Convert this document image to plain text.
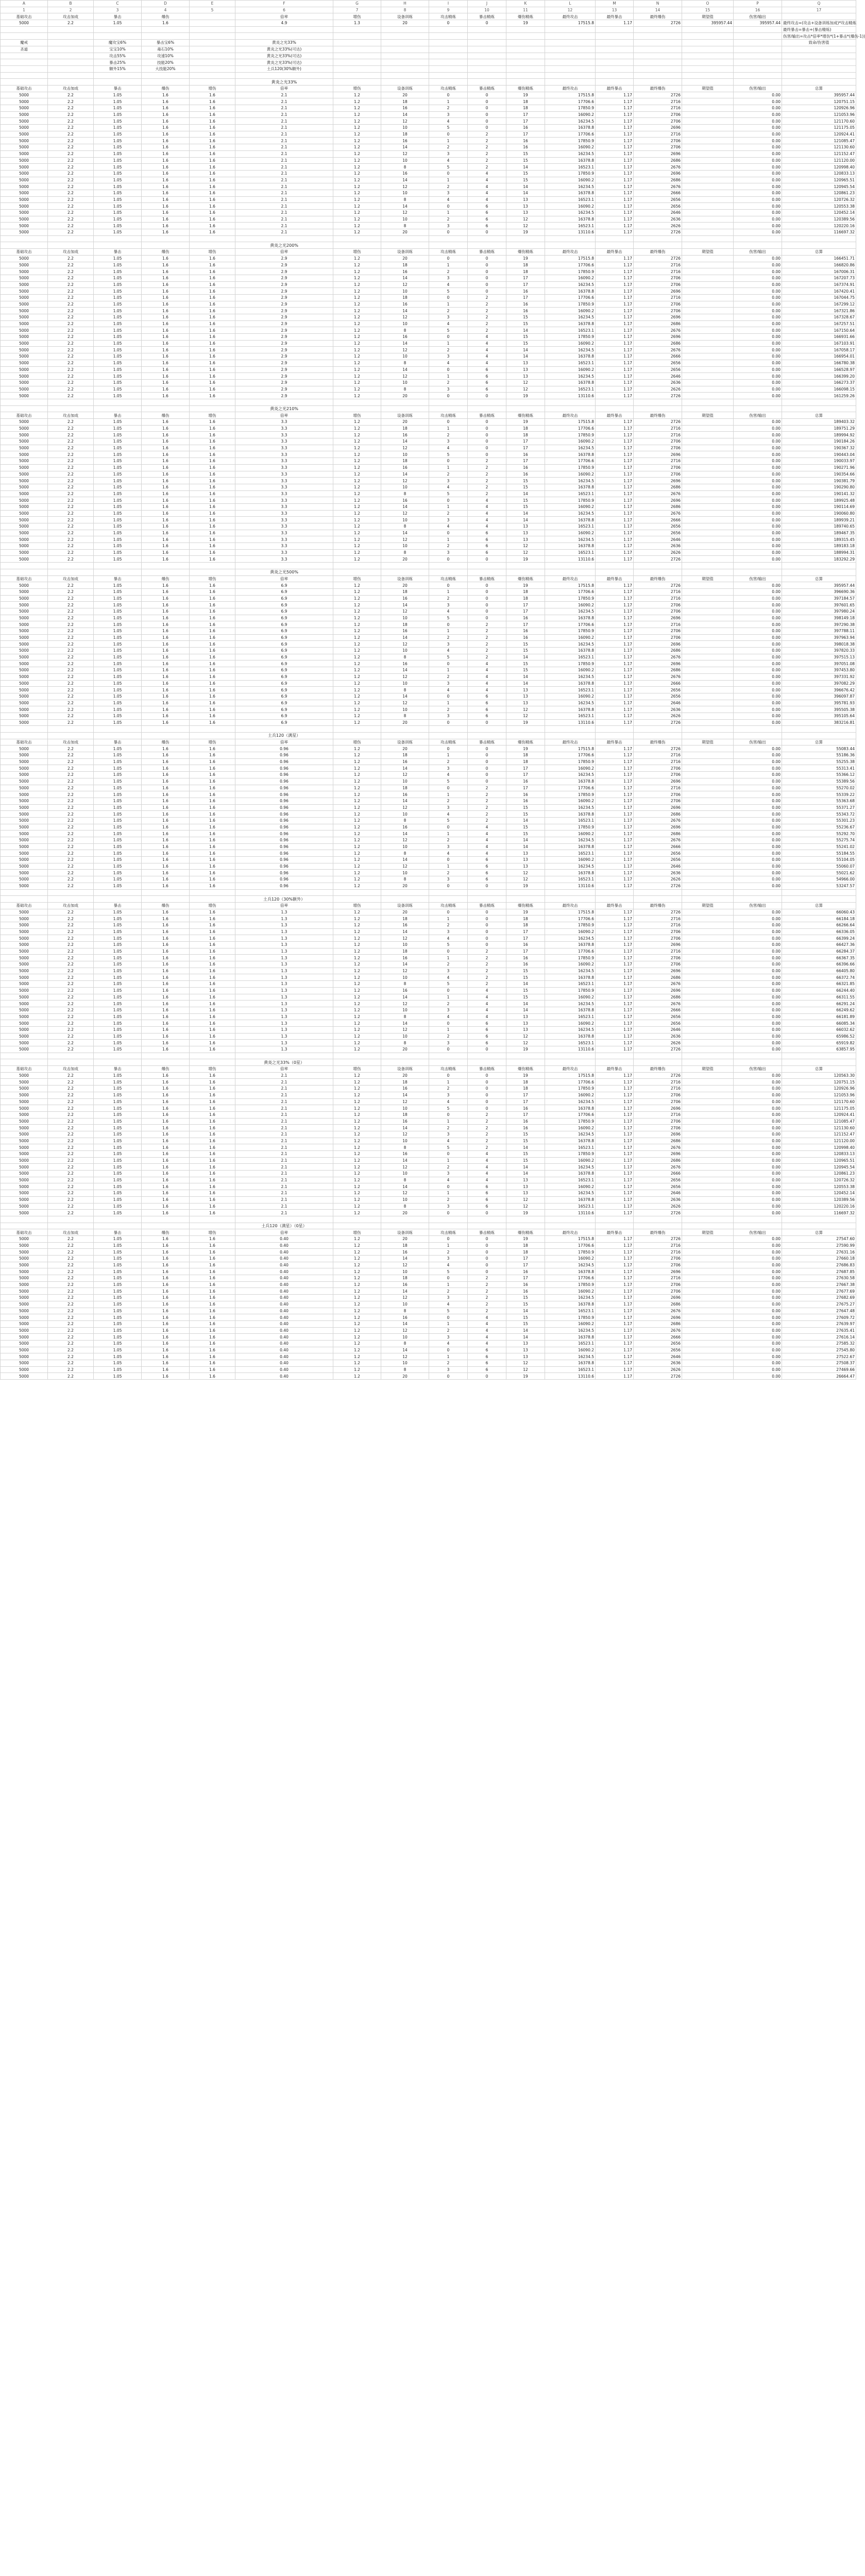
A	B	C	D	E	F	G	H	I	J	K	L	M	N	O	P	Q
1	2	3	4	5	6	7	8	9	10	11	12	13	14	15	16	17
基础攻击	攻击加成	暴击	爆伤		倍率	增伤	设备训练	攻击精炼	暴击精炼	爆伤精炼	最终攻击	最终暴击	最终爆伤	期望值	伤害/输出	
5000	2.2	1.05	1.6		4.9	1.3	20	0	0	19	17515.8	1.17	2726	395957.44	395957.44	最终攻击=(攻击+设备训练加成)*攻击精炼
																最终暴击=暴击+(暴击精炼)
																伤害/输出=攻击*倍率*增伤*(1+暴击*(爆伤-1))
魔戒		魔攻宝6%	暴击宝6%		黄炎之光33%											致命/伤害值
圣道		宝宝10%	毒石10%		黄炎之光33%(可达)											
		攻击55%	攻速10%		黄炎之光33%(可达)											
		暴击25%	技能20%		黄炎之光33%(可达)											
		额外15%	大技能20%		土兵120(30%额外)											

					黄炎之光33%											
基础攻击	攻击加成	暴击	爆伤	增伤	倍率	增伤	设备训练	攻击精炼	暴击精炼	爆伤精炼	最终攻击	最终暴击	最终爆伤	期望值	伤害/输出	总算
5000	2.2	1.05	1.6	1.6	2.1	1.2	20	0	0	19	17515.8	1.17	2726		0.00	395957.44
5000	2.2	1.05	1.6	1.6	2.1	1.2	18	1	0	18	17706.6	1.17	2716		0.00	120751.15
5000	2.2	1.05	1.6	1.6	2.1	1.2	16	2	0	18	17850.9	1.17	2716		0.00	120926.96
5000	2.2	1.05	1.6	1.6	2.1	1.2	14	3	0	17	16090.2	1.17	2706		0.00	121053.96
5000	2.2	1.05	1.6	1.6	2.1	1.2	12	4	0	17	16234.5	1.17	2706		0.00	121170.60
5000	2.2	1.05	1.6	1.6	2.1	1.2	10	5	0	16	16378.8	1.17	2696		0.00	121175.05
5000	2.2	1.05	1.6	1.6	2.1	1.2	18	0	2	17	17706.6	1.17	2716		0.00	120924.41
5000	2.2	1.05	1.6	1.6	2.1	1.2	16	1	2	16	17850.9	1.17	2706		0.00	121085.47
5000	2.2	1.05	1.6	1.6	2.1	1.2	14	2	2	16	16090.2	1.17	2706		0.00	121130.60
5000	2.2	1.05	1.6	1.6	2.1	1.2	12	3	2	15	16234.5	1.17	2696		0.00	121152.47
5000	2.2	1.05	1.6	1.6	2.1	1.2	10	4	2	15	16378.8	1.17	2686		0.00	121120.00
5000	2.2	1.05	1.6	1.6	2.1	1.2	8	5	2	14	16523.1	1.17	2676		0.00	120998.40
5000	2.2	1.05	1.6	1.6	2.1	1.2	16	0	4	15	17850.9	1.17	2696		0.00	120833.13
5000	2.2	1.05	1.6	1.6	2.1	1.2	14	1	4	15	16090.2	1.17	2686		0.00	120965.51
5000	2.2	1.05	1.6	1.6	2.1	1.2	12	2	4	14	16234.5	1.17	2676		0.00	120945.54
5000	2.2	1.05	1.6	1.6	2.1	1.2	10	3	4	14	16378.8	1.17	2666		0.00	120861.23
5000	2.2	1.05	1.6	1.6	2.1	1.2	8	4	4	13	16523.1	1.17	2656		0.00	120726.32
5000	2.2	1.05	1.6	1.6	2.1	1.2	14	0	6	13	16090.2	1.17	2656		0.00	120553.38
5000	2.2	1.05	1.6	1.6	2.1	1.2	12	1	6	13	16234.5	1.17	2646		0.00	120452.14
5000	2.2	1.05	1.6	1.6	2.1	1.2	10	2	6	12	16378.8	1.17	2636		0.00	120389.56
5000	2.2	1.05	1.6	1.6	2.1	1.2	8	3	6	12	16523.1	1.17	2626		0.00	120220.16
5000	2.2	1.05	1.6	1.6	2.1	1.2	20	0	0	19	13110.6	1.17	2726		0.00	116697.32

					黄炎之光200%											
基础攻击	攻击加成	暴击	爆伤	增伤	倍率	增伤	设备训练	攻击精炼	暴击精炼	爆伤精炼	最终攻击	最终暴击	最终爆伤	期望值	伤害/输出	总算
5000	2.2	1.05	1.6	1.6	2.9	1.2	20	0	0	19	17515.8	1.17	2726		0.00	166451.71
5000	2.2	1.05	1.6	1.6	2.9	1.2	18	1	0	18	17706.6	1.17	2716		0.00	166820.86
5000	2.2	1.05	1.6	1.6	2.9	1.2	16	2	0	18	17850.9	1.17	2716		0.00	167006.31
5000	2.2	1.05	1.6	1.6	2.9	1.2	14	3	0	17	16090.2	1.17	2706		0.00	167207.73
5000	2.2	1.05	1.6	1.6	2.9	1.2	12	4	0	17	16234.5	1.17	2706		0.00	167374.91
5000	2.2	1.05	1.6	1.6	2.9	1.2	10	5	0	16	16378.8	1.17	2696		0.00	167420.41
5000	2.2	1.05	1.6	1.6	2.9	1.2	18	0	2	17	17706.6	1.17	2716		0.00	167044.75
5000	2.2	1.05	1.6	1.6	2.9	1.2	16	1	2	16	17850.9	1.17	2706		0.00	167299.12
5000	2.2	1.05	1.6	1.6	2.9	1.2	14	2	2	16	16090.2	1.17	2706		0.00	167321.86
5000	2.2	1.05	1.6	1.6	2.9	1.2	12	3	2	15	16234.5	1.17	2696		0.00	167328.67
5000	2.2	1.05	1.6	1.6	2.9	1.2	10	4	2	15	16378.8	1.17	2686		0.00	167257.51
5000	2.2	1.05	1.6	1.6	2.9	1.2	8	5	2	14	16523.1	1.17	2676		0.00	167150.64
5000	2.2	1.05	1.6	1.6	2.9	1.2	16	0	4	15	17850.9	1.17	2696		0.00	166931.66
5000	2.2	1.05	1.6	1.6	2.9	1.2	14	1	4	15	16090.2	1.17	2686		0.00	167103.91
5000	2.2	1.05	1.6	1.6	2.9	1.2	12	2	4	14	16234.5	1.17	2676		0.00	167058.17
5000	2.2	1.05	1.6	1.6	2.9	1.2	10	3	4	14	16378.8	1.17	2666		0.00	166954.01
5000	2.2	1.05	1.6	1.6	2.9	1.2	8	4	4	13	16523.1	1.17	2656		0.00	166780.38
5000	2.2	1.05	1.6	1.6	2.9	1.2	14	0	6	13	16090.2	1.17	2656		0.00	166528.97
5000	2.2	1.05	1.6	1.6	2.9	1.2	12	1	6	13	16234.5	1.17	2646		0.00	166399.20
5000	2.2	1.05	1.6	1.6	2.9	1.2	10	2	6	12	16378.8	1.17	2636		0.00	166273.37
5000	2.2	1.05	1.6	1.6	2.9	1.2	8	3	6	12	16523.1	1.17	2626		0.00	166098.15
5000	2.2	1.05	1.6	1.6	2.9	1.2	20	0	0	19	13110.6	1.17	2726		0.00	161259.26

					黄炎之光210%											
基础攻击	攻击加成	暴击	爆伤	增伤	倍率	增伤	设备训练	攻击精炼	暴击精炼	爆伤精炼	最终攻击	最终暴击	最终爆伤	期望值	伤害/输出	总算
5000	2.2	1.05	1.6	1.6	3.3	1.2	20	0	0	19	17515.8	1.17	2726		0.00	189403.32
5000	2.2	1.05	1.6	1.6	3.3	1.2	18	1	0	18	17706.6	1.17	2716		0.00	189751.29
5000	2.2	1.05	1.6	1.6	3.3	1.2	16	2	0	18	17850.9	1.17	2716		0.00	189994.92
5000	2.2	1.05	1.6	1.6	3.3	1.2	14	3	0	17	16090.2	1.17	2706		0.00	190184.26
5000	2.2	1.05	1.6	1.6	3.3	1.2	12	4	0	17	16234.5	1.17	2706		0.00	190367.32
5000	2.2	1.05	1.6	1.6	3.3	1.2	10	5	0	16	16378.8	1.17	2696		0.00	190443.04
5000	2.2	1.05	1.6	1.6	3.3	1.2	18	0	2	17	17706.6	1.17	2716		0.00	190033.97
5000	2.2	1.05	1.6	1.6	3.3	1.2	16	1	2	16	17850.9	1.17	2706		0.00	190271.96
5000	2.2	1.05	1.6	1.6	3.3	1.2	14	2	2	16	16090.2	1.17	2706		0.00	190354.66
5000	2.2	1.05	1.6	1.6	3.3	1.2	12	3	2	15	16234.5	1.17	2696		0.00	190381.79
5000	2.2	1.05	1.6	1.6	3.3	1.2	10	4	2	15	16378.8	1.17	2686		0.00	190290.80
5000	2.2	1.05	1.6	1.6	3.3	1.2	8	5	2	14	16523.1	1.17	2676		0.00	190141.32
5000	2.2	1.05	1.6	1.6	3.3	1.2	16	0	4	15	17850.9	1.17	2696		0.00	189925.48
5000	2.2	1.05	1.6	1.6	3.3	1.2	14	1	4	15	16090.2	1.17	2686		0.00	190114.69
5000	2.2	1.05	1.6	1.6	3.3	1.2	12	2	4	14	16234.5	1.17	2676		0.00	190060.80
5000	2.2	1.05	1.6	1.6	3.3	1.2	10	3	4	14	16378.8	1.17	2666		0.00	189939.21
5000	2.2	1.05	1.6	1.6	3.3	1.2	8	4	4	13	16523.1	1.17	2656		0.00	189740.65
5000	2.2	1.05	1.6	1.6	3.3	1.2	14	0	6	13	16090.2	1.17	2656		0.00	189467.35
5000	2.2	1.05	1.6	1.6	3.3	1.2	12	1	6	13	16234.5	1.17	2646		0.00	189315.45
5000	2.2	1.05	1.6	1.6	3.3	1.2	10	2	6	12	16378.8	1.17	2636		0.00	189183.18
5000	2.2	1.05	1.6	1.6	3.3	1.2	8	3	6	12	16523.1	1.17	2626		0.00	188994.31
5000	2.2	1.05	1.6	1.6	3.3	1.2	20	0	0	19	13110.6	1.17	2726		0.00	183292.29

					黄炎之光500%											
基础攻击	攻击加成	暴击	爆伤	增伤	倍率	增伤	设备训练	攻击精炼	暴击精炼	爆伤精炼	最终攻击	最终暴击	最终爆伤	期望值	伤害/输出	总算
5000	2.2	1.05	1.6	1.6	6.9	1.2	20	0	0	19	17515.8	1.17	2726		0.00	395957.44
5000	2.2	1.05	1.6	1.6	6.9	1.2	18	1	0	18	17706.6	1.17	2716		0.00	396690.36
5000	2.2	1.05	1.6	1.6	6.9	1.2	16	2	0	18	17850.9	1.17	2716		0.00	397184.57
5000	2.2	1.05	1.6	1.6	6.9	1.2	14	3	0	17	16090.2	1.17	2706		0.00	397601.65
5000	2.2	1.05	1.6	1.6	6.9	1.2	12	4	0	17	16234.5	1.17	2706		0.00	397980.24
5000	2.2	1.05	1.6	1.6	6.9	1.2	10	5	0	16	16378.8	1.17	2696		0.00	398149.18
5000	2.2	1.05	1.6	1.6	6.9	1.2	18	0	2	17	17706.6	1.17	2716		0.00	397290.38
5000	2.2	1.05	1.6	1.6	6.9	1.2	16	1	2	16	17850.9	1.17	2706		0.00	397788.11
5000	2.2	1.05	1.6	1.6	6.9	1.2	14	2	2	16	16090.2	1.17	2706		0.00	397963.94
5000	2.2	1.05	1.6	1.6	6.9	1.2	12	3	2	15	16234.5	1.17	2696		0.00	398018.38
5000	2.2	1.05	1.6	1.6	6.9	1.2	10	4	2	15	16378.8	1.17	2686		0.00	397820.33
5000	2.2	1.05	1.6	1.6	6.9	1.2	8	5	2	14	16523.1	1.17	2676		0.00	397515.13
5000	2.2	1.05	1.6	1.6	6.9	1.2	16	0	4	15	17850.9	1.17	2696		0.00	397051.08
5000	2.2	1.05	1.6	1.6	6.9	1.2	14	1	4	15	16090.2	1.17	2686		0.00	397453.80
5000	2.2	1.05	1.6	1.6	6.9	1.2	12	2	4	14	16234.5	1.17	2676		0.00	397331.92
5000	2.2	1.05	1.6	1.6	6.9	1.2	10	3	4	14	16378.8	1.17	2666		0.00	397082.29
5000	2.2	1.05	1.6	1.6	6.9	1.2	8	4	4	13	16523.1	1.17	2656		0.00	396676.42
5000	2.2	1.05	1.6	1.6	6.9	1.2	14	0	6	13	16090.2	1.17	2656		0.00	396097.87
5000	2.2	1.05	1.6	1.6	6.9	1.2	12	1	6	13	16234.5	1.17	2646		0.00	395781.93
5000	2.2	1.05	1.6	1.6	6.9	1.2	10	2	6	12	16378.8	1.17	2636		0.00	395505.38
5000	2.2	1.05	1.6	1.6	6.9	1.2	8	3	6	12	16523.1	1.17	2626		0.00	395105.64
5000	2.2	1.05	1.6	1.6	6.9	1.2	20	0	0	19	13110.6	1.17	2726		0.00	383216.81

					土兵120（满星）											
基础攻击	攻击加成	暴击	爆伤	增伤	倍率	增伤	设备训练	攻击精炼	暴击精炼	爆伤精炼	最终攻击	最终暴击	最终爆伤	期望值	伤害/输出	总算
5000	2.2	1.05	1.6	1.6	0.96	1.2	20	0	0	19	17515.8	1.17	2726		0.00	55083.44
5000	2.2	1.05	1.6	1.6	0.96	1.2	18	1	0	18	17706.6	1.17	2716		0.00	55186.36
5000	2.2	1.05	1.6	1.6	0.96	1.2	16	2	0	18	17850.9	1.17	2716		0.00	55255.38
5000	2.2	1.05	1.6	1.6	0.96	1.2	14	3	0	17	16090.2	1.17	2706		0.00	55313.41
5000	2.2	1.05	1.6	1.6	0.96	1.2	12	4	0	17	16234.5	1.17	2706		0.00	55366.12
5000	2.2	1.05	1.6	1.6	0.96	1.2	10	5	0	16	16378.8	1.17	2696		0.00	55389.56
5000	2.2	1.05	1.6	1.6	0.96	1.2	18	0	2	17	17706.6	1.17	2716		0.00	55270.02
5000	2.2	1.05	1.6	1.6	0.96	1.2	16	1	2	16	17850.9	1.17	2706		0.00	55339.22
5000	2.2	1.05	1.6	1.6	0.96	1.2	14	2	2	16	16090.2	1.17	2706		0.00	55363.68
5000	2.2	1.05	1.6	1.6	0.96	1.2	12	3	2	15	16234.5	1.17	2696		0.00	55371.27
5000	2.2	1.05	1.6	1.6	0.96	1.2	10	4	2	15	16378.8	1.17	2686		0.00	55343.72
5000	2.2	1.05	1.6	1.6	0.96	1.2	8	5	2	14	16523.1	1.17	2676		0.00	55301.23
5000	2.2	1.05	1.6	1.6	0.96	1.2	16	0	4	15	17850.9	1.17	2696		0.00	55236.67
5000	2.2	1.05	1.6	1.6	0.96	1.2	14	1	4	15	16090.2	1.17	2686		0.00	55292.70
5000	2.2	1.05	1.6	1.6	0.96	1.2	12	2	4	14	16234.5	1.17	2676		0.00	55275.74
5000	2.2	1.05	1.6	1.6	0.96	1.2	10	3	4	14	16378.8	1.17	2666		0.00	55241.02
5000	2.2	1.05	1.6	1.6	0.96	1.2	8	4	4	13	16523.1	1.17	2656		0.00	55184.55
5000	2.2	1.05	1.6	1.6	0.96	1.2	14	0	6	13	16090.2	1.17	2656		0.00	55104.05
5000	2.2	1.05	1.6	1.6	0.96	1.2	12	1	6	13	16234.5	1.17	2646		0.00	55060.07
5000	2.2	1.05	1.6	1.6	0.96	1.2	10	2	6	12	16378.8	1.17	2636		0.00	55021.62
5000	2.2	1.05	1.6	1.6	0.96	1.2	8	3	6	12	16523.1	1.17	2626		0.00	54966.00
5000	2.2	1.05	1.6	1.6	0.96	1.2	20	0	0	19	13110.6	1.17	2726		0.00	53247.57

					土兵120（30%额外）											
基础攻击	攻击加成	暴击	爆伤	增伤	倍率	增伤	设备训练	攻击精炼	暴击精炼	爆伤精炼	最终攻击	最终暴击	最终爆伤	期望值	伤害/输出	总算
5000	2.2	1.05	1.6	1.6	1.3	1.2	20	0	0	19	17515.8	1.17	2726		0.00	66060.43
5000	2.2	1.05	1.6	1.6	1.3	1.2	18	1	0	18	17706.6	1.17	2716		0.00	66184.18
5000	2.2	1.05	1.6	1.6	1.3	1.2	16	2	0	18	17850.9	1.17	2716		0.00	66266.64
5000	2.2	1.05	1.6	1.6	1.3	1.2	14	3	0	17	16090.2	1.17	2706		0.00	66336.05
5000	2.2	1.05	1.6	1.6	1.3	1.2	12	4	0	17	16234.5	1.17	2706		0.00	66399.24
5000	2.2	1.05	1.6	1.6	1.3	1.2	10	5	0	16	16378.8	1.17	2696		0.00	66427.36
5000	2.2	1.05	1.6	1.6	1.3	1.2	18	0	2	17	17706.6	1.17	2716		0.00	66284.37
5000	2.2	1.05	1.6	1.6	1.3	1.2	16	1	2	16	17850.9	1.17	2706		0.00	66367.35
5000	2.2	1.05	1.6	1.6	1.3	1.2	14	2	2	16	16090.2	1.17	2706		0.00	66396.66
5000	2.2	1.05	1.6	1.6	1.3	1.2	12	3	2	15	16234.5	1.17	2696		0.00	66405.80
5000	2.2	1.05	1.6	1.6	1.3	1.2	10	4	2	15	16378.8	1.17	2686		0.00	66372.74
5000	2.2	1.05	1.6	1.6	1.3	1.2	8	5	2	14	16523.1	1.17	2676		0.00	66321.85
5000	2.2	1.05	1.6	1.6	1.3	1.2	16	0	4	15	17850.9	1.17	2696		0.00	66244.40
5000	2.2	1.05	1.6	1.6	1.3	1.2	14	1	4	15	16090.2	1.17	2686		0.00	66311.55
5000	2.2	1.05	1.6	1.6	1.3	1.2	12	2	4	14	16234.5	1.17	2676		0.00	66291.24
5000	2.2	1.05	1.6	1.6	1.3	1.2	10	3	4	14	16378.8	1.17	2666		0.00	66249.62
5000	2.2	1.05	1.6	1.6	1.3	1.2	8	4	4	13	16523.1	1.17	2656		0.00	66181.89
5000	2.2	1.05	1.6	1.6	1.3	1.2	14	0	6	13	16090.2	1.17	2656		0.00	66085.34
5000	2.2	1.05	1.6	1.6	1.3	1.2	12	1	6	13	16234.5	1.17	2646		0.00	66032.62
5000	2.2	1.05	1.6	1.6	1.3	1.2	10	2	6	12	16378.8	1.17	2636		0.00	65986.52
5000	2.2	1.05	1.6	1.6	1.3	1.2	8	3	6	12	16523.1	1.17	2626		0.00	65919.82
5000	2.2	1.05	1.6	1.6	1.3	1.2	20	0	0	19	13110.6	1.17	2726		0.00	63857.95

					黄炎之光33%（0星）											
基础攻击	攻击加成	暴击	爆伤	增伤	倍率	增伤	设备训练	攻击精炼	暴击精炼	爆伤精炼	最终攻击	最终暴击	最终爆伤	期望值	伤害/输出	总算
5000	2.2	1.05	1.6	1.6	2.1	1.2	20	0	0	19	17515.8	1.17	2726		0.00	120563.30
5000	2.2	1.05	1.6	1.6	2.1	1.2	18	1	0	18	17706.6	1.17	2716		0.00	120751.15
5000	2.2	1.05	1.6	1.6	2.1	1.2	16	2	0	18	17850.9	1.17	2716		0.00	120926.96
5000	2.2	1.05	1.6	1.6	2.1	1.2	14	3	0	17	16090.2	1.17	2706		0.00	121053.96
5000	2.2	1.05	1.6	1.6	2.1	1.2	12	4	0	17	16234.5	1.17	2706		0.00	121170.60
5000	2.2	1.05	1.6	1.6	2.1	1.2	10	5	0	16	16378.8	1.17	2696		0.00	121175.05
5000	2.2	1.05	1.6	1.6	2.1	1.2	18	0	2	17	17706.6	1.17	2716		0.00	120924.41
5000	2.2	1.05	1.6	1.6	2.1	1.2	16	1	2	16	17850.9	1.17	2706		0.00	121085.47
5000	2.2	1.05	1.6	1.6	2.1	1.2	14	2	2	16	16090.2	1.17	2706		0.00	121130.60
5000	2.2	1.05	1.6	1.6	2.1	1.2	12	3	2	15	16234.5	1.17	2696		0.00	121152.47
5000	2.2	1.05	1.6	1.6	2.1	1.2	10	4	2	15	16378.8	1.17	2686		0.00	121120.00
5000	2.2	1.05	1.6	1.6	2.1	1.2	8	5	2	14	16523.1	1.17	2676		0.00	120998.40
5000	2.2	1.05	1.6	1.6	2.1	1.2	16	0	4	15	17850.9	1.17	2696		0.00	120833.13
5000	2.2	1.05	1.6	1.6	2.1	1.2	14	1	4	15	16090.2	1.17	2686		0.00	120965.51
5000	2.2	1.05	1.6	1.6	2.1	1.2	12	2	4	14	16234.5	1.17	2676		0.00	120945.54
5000	2.2	1.05	1.6	1.6	2.1	1.2	10	3	4	14	16378.8	1.17	2666		0.00	120861.23
5000	2.2	1.05	1.6	1.6	2.1	1.2	8	4	4	13	16523.1	1.17	2656		0.00	120726.32
5000	2.2	1.05	1.6	1.6	2.1	1.2	14	0	6	13	16090.2	1.17	2656		0.00	120553.38
5000	2.2	1.05	1.6	1.6	2.1	1.2	12	1	6	13	16234.5	1.17	2646		0.00	120452.14
5000	2.2	1.05	1.6	1.6	2.1	1.2	10	2	6	12	16378.8	1.17	2636		0.00	120389.56
5000	2.2	1.05	1.6	1.6	2.1	1.2	8	3	6	12	16523.1	1.17	2626		0.00	120220.16
5000	2.2	1.05	1.6	1.6	2.1	1.2	20	0	0	19	13110.6	1.17	2726		0.00	116697.32

					土兵120（满星）（0星）											
基础攻击	攻击加成	暴击	爆伤	增伤	倍率	增伤	设备训练	攻击精炼	暴击精炼	爆伤精炼	最终攻击	最终暴击	最终爆伤	期望值	伤害/输出	总算
5000	2.2	1.05	1.6	1.6	0.40	1.2	20	0	0	19	17515.8	1.17	2726		0.00	27547.60
5000	2.2	1.05	1.6	1.6	0.40	1.2	18	1	0	18	17706.6	1.17	2716		0.00	27590.99
5000	2.2	1.05	1.6	1.6	0.40	1.2	16	2	0	18	17850.9	1.17	2716		0.00	27631.16
5000	2.2	1.05	1.6	1.6	0.40	1.2	14	3	0	17	16090.2	1.17	2706		0.00	27660.18
5000	2.2	1.05	1.6	1.6	0.40	1.2	12	4	0	17	16234.5	1.17	2706		0.00	27686.83
5000	2.2	1.05	1.6	1.6	0.40	1.2	10	5	0	16	16378.8	1.17	2696		0.00	27687.85
5000	2.2	1.05	1.6	1.6	0.40	1.2	18	0	2	17	17706.6	1.17	2716		0.00	27630.58
5000	2.2	1.05	1.6	1.6	0.40	1.2	16	1	2	16	17850.9	1.17	2706		0.00	27667.38
5000	2.2	1.05	1.6	1.6	0.40	1.2	14	2	2	16	16090.2	1.17	2706		0.00	27677.69
5000	2.2	1.05	1.6	1.6	0.40	1.2	12	3	2	15	16234.5	1.17	2696		0.00	27682.69
5000	2.2	1.05	1.6	1.6	0.40	1.2	10	4	2	15	16378.8	1.17	2686		0.00	27675.27
5000	2.2	1.05	1.6	1.6	0.40	1.2	8	5	2	14	16523.1	1.17	2676		0.00	27647.48
5000	2.2	1.05	1.6	1.6	0.40	1.2	16	0	4	15	17850.9	1.17	2696		0.00	27609.72
5000	2.2	1.05	1.6	1.6	0.40	1.2	14	1	4	15	16090.2	1.17	2686		0.00	27639.97
5000	2.2	1.05	1.6	1.6	0.40	1.2	12	2	4	14	16234.5	1.17	2676		0.00	27635.41
5000	2.2	1.05	1.6	1.6	0.40	1.2	10	3	4	14	16378.8	1.17	2666		0.00	27616.14
5000	2.2	1.05	1.6	1.6	0.40	1.2	8	4	4	13	16523.1	1.17	2656		0.00	27585.32
5000	2.2	1.05	1.6	1.6	0.40	1.2	14	0	6	13	16090.2	1.17	2656		0.00	27545.80
5000	2.2	1.05	1.6	1.6	0.40	1.2	12	1	6	13	16234.5	1.17	2646		0.00	27522.67
5000	2.2	1.05	1.6	1.6	0.40	1.2	10	2	6	12	16378.8	1.17	2636		0.00	27508.37
5000	2.2	1.05	1.6	1.6	0.40	1.2	8	3	6	12	16523.1	1.17	2626		0.00	27469.66
5000	2.2	1.05	1.6	1.6	0.40	1.2	20	0	0	19	13110.6	1.17	2726		0.00	26664.47
